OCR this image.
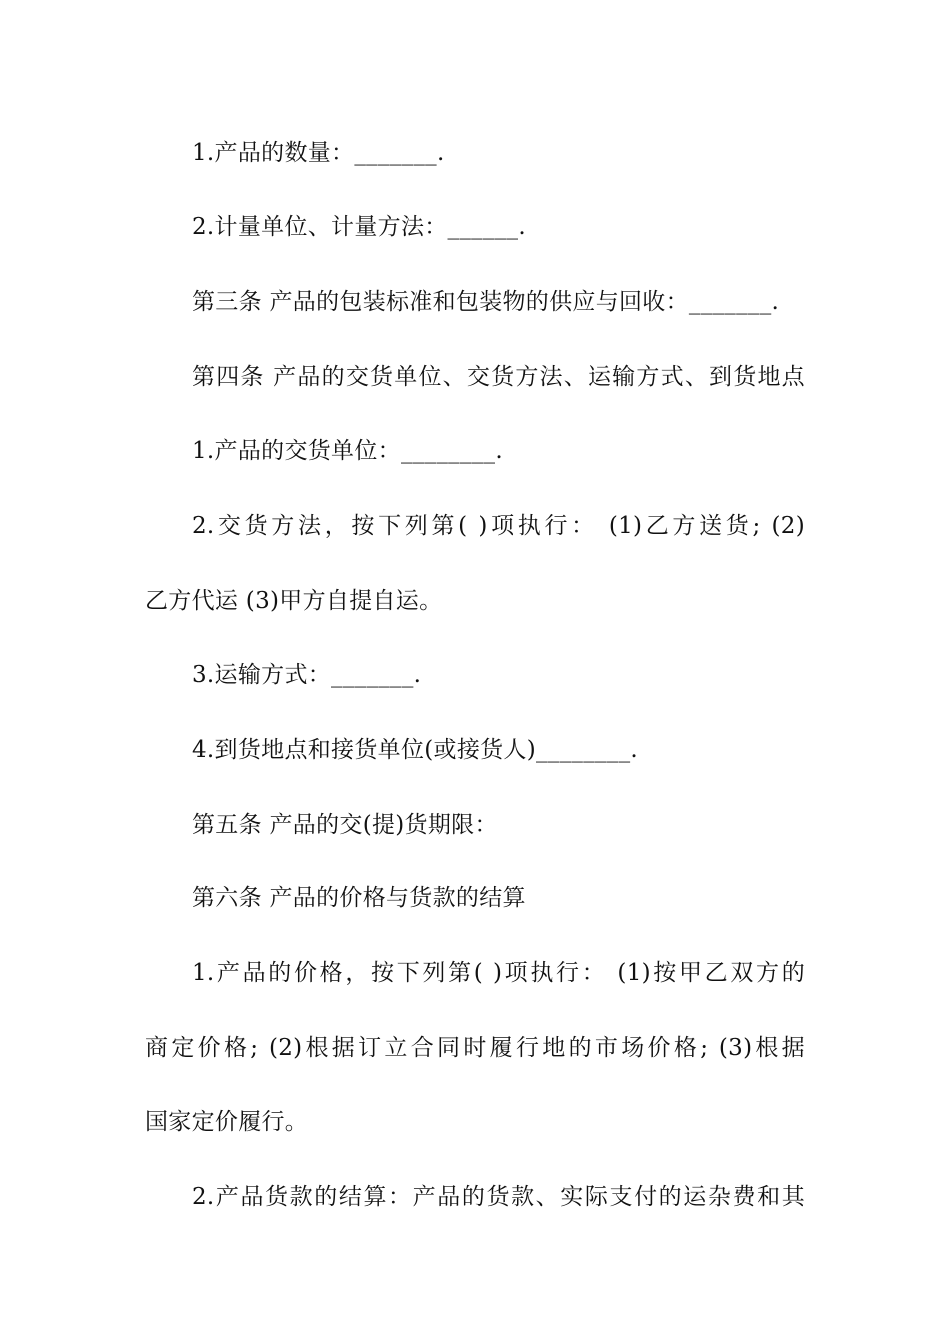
1.产品的数量：_______.

2.计量单位、计量方法：______.

第三条 产品的包装标准和包装物的供应与回收：_______.

第四条 产品的交货单位、交货方法、运输方式、到货地点

1.产品的交货单位：________.

2.交货方法，按下列第( )项执行： (1)乙方送货; (2)

乙方代运 (3)甲方自提自运。

3.运输方式：_______.

4.到货地点和接货单位(或接货人)________.

第五条 产品的交(提)货期限：

第六条 产品的价格与货款的结算

1.产品的价格，按下列第( )项执行： (1)按甲乙双方的

商定价格; (2)根据订立合同时履行地的市场价格; (3)根据

国家定价履行。

2.产品货款的结算：产品的货款、实际支付的运杂费和其
